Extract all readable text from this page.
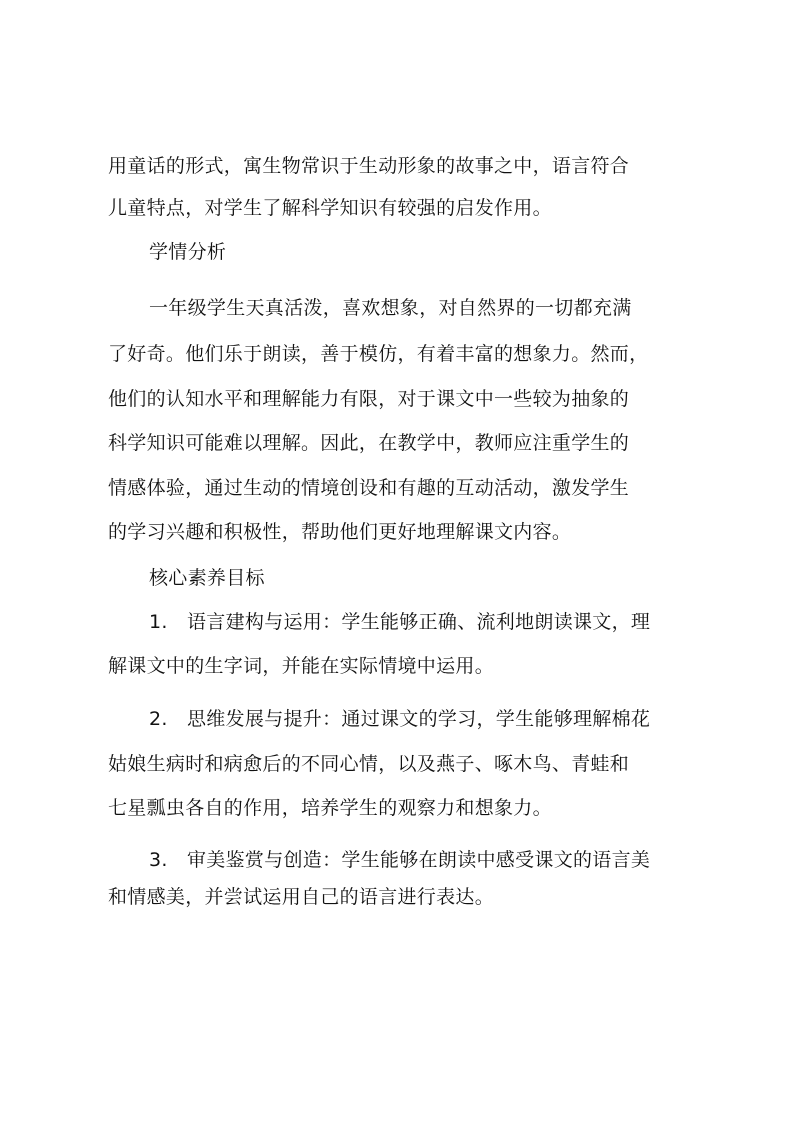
用童话的形式，寓生物常识于生动形象的故事之中，语言符合
儿童特点，对学生了解科学知识有较强的启发作用。
学情分析
一年级学生天真活泼，喜欢想象，对自然界的一切都充满
了好奇。他们乐于朗读，善于模仿，有着丰富的想象力。然而，
他们的认知水平和理解能力有限，对于课文中一些较为抽象的
科学知识可能难以理解。因此，在教学中，教师应注重学生的
情感体验，通过生动的情境创设和有趣的互动活动，激发学生
的学习兴趣和积极性，帮助他们更好地理解课文内容。
核心素养目标
1. 语言建构与运用：学生能够正确、流利地朗读课文，理
解课文中的生字词，并能在实际情境中运用。
2. 思维发展与提升：通过课文的学习，学生能够理解棉花
姑娘生病时和病愈后的不同心情，以及燕子、啄木鸟、青蛙和
七星瓢虫各自的作用，培养学生的观察力和想象力。
3. 审美鉴赏与创造：学生能够在朗读中感受课文的语言美
和情感美，并尝试运用自己的语言进行表达。
